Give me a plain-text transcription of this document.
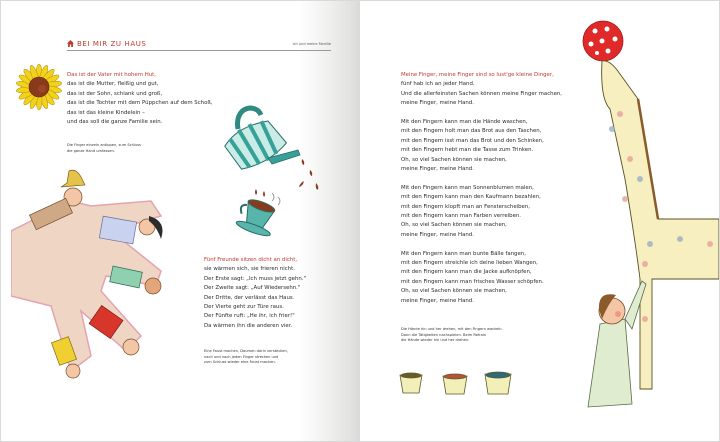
BEI MIR ZU HAUS	Ich und meine Familie
Das ist der Vater mit hohem Hut,
das ist die Mutter, fleißig und gut,
das ist der Sohn, schlank und groß,
das ist die Tochter mit dem Püppchen auf dem Schoß,
das ist das kleine Kindelein –
und das soll die ganze Familie sein.
Die Finger einzeln antippen, zum Schluss
die ganze Hand umfassen.
Fünf Freunde sitzen dicht an dicht,
sie wärmen sich, sie frieren nicht.
Der Erste sagt: „Ich muss jetzt gehn."
Der Zweite sagt: „Auf Wiedersehn."
Der Dritte, der verlässt das Haus.
Der Vierte geht zur Türe raus.
Der Fünfte ruft: „He ihr, ich frier!"
Da wärmen ihn die anderen vier.
Eine Faust machen, Daumen darin verstecken,
nach und nach jeden Finger strecken und
zum Schluss wieder eine Faust machen.
Meine Finger, meine Finger sind so lust'ge kleine Dinger,
fünf hab ich an jeder Hand.
Und die allerfeinsten Sachen können meine Finger machen,
meine Finger, meine Hand.
Mit den Fingern kann man die Hände waschen,
mit den Fingern holt man das Brot aus den Taschen,
mit den Fingern isst man das Brot und den Schinken,
mit den Fingern hebt man die Tasse zum Trinken.
Oh, so viel Sachen können sie machen,
meine Finger, meine Hand.
Mit den Fingern kann man Sonnenblumen malen,
mit den Fingern kann man den Kaufmann bezahlen,
mit den Fingern klopft man an Fensterscheiben,
mit den Fingern kann man Farben verreiben.
Oh, so viel Sachen können sie machen,
meine Finger, meine Hand.
Mit den Fingern kann man bunte Bälle fangen,
mit den Fingern streichle ich deine lieben Wangen,
mit den Fingern kann man die Jacke aufknöpfen,
mit den Fingern kann man frisches Wasser schöpfen.
Oh, so viel Sachen können sie machen,
meine Finger, meine Hand.
Die Hände hin und her drehen, mit den Fingern wackeln.
Dann die Tätigkeiten nachspielen. Beim Refrain
die Hände wieder hin und her drehen.
